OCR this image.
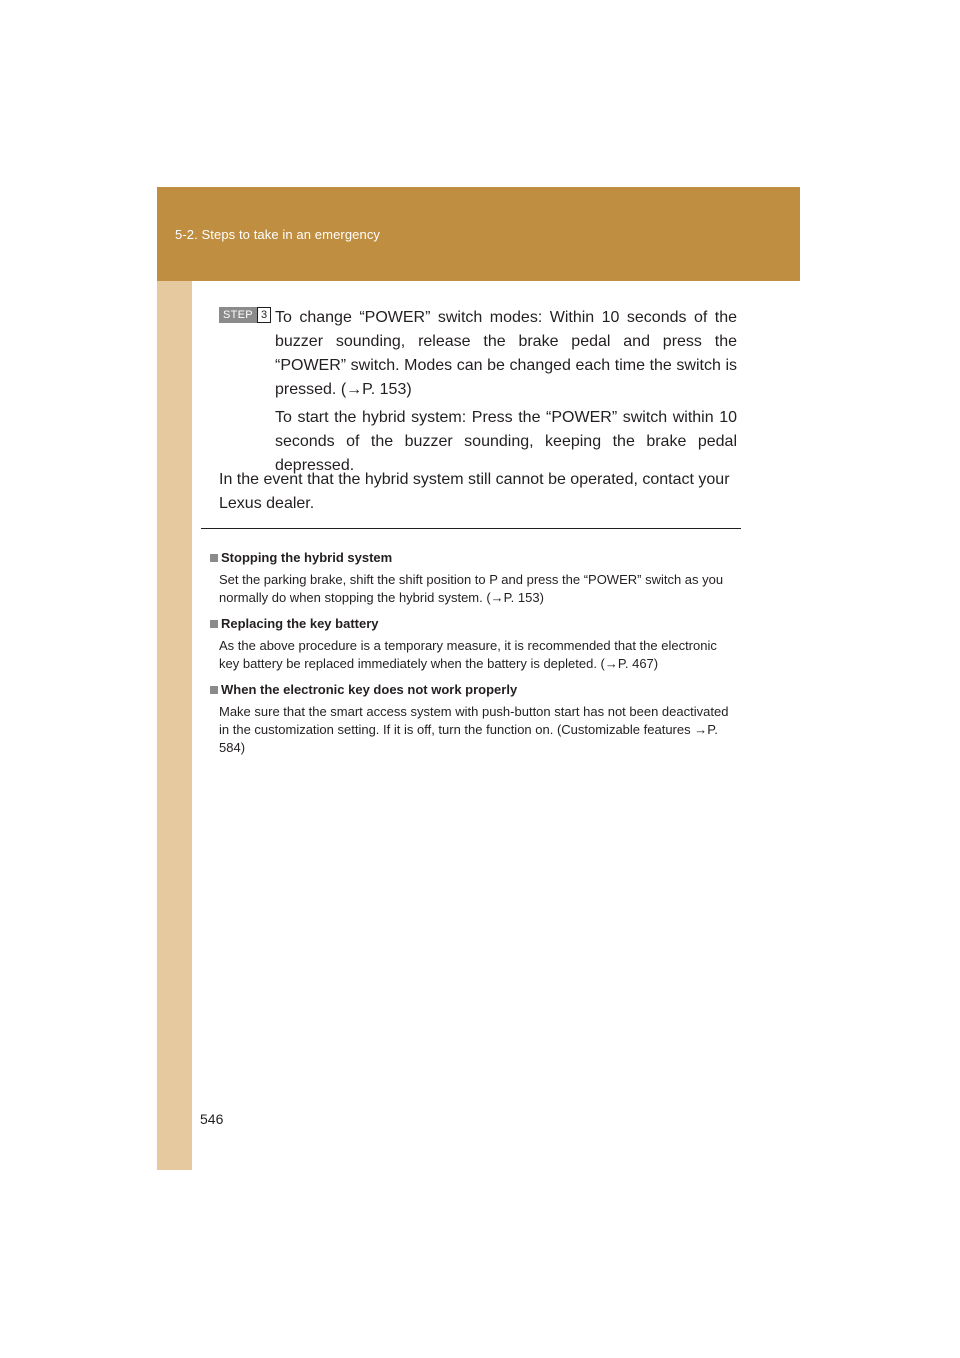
5-2. Steps to take in an emergency
STEP 3 To change “POWER” switch modes: Within 10 seconds of the buzzer sounding, release the brake pedal and press the “POWER” switch. Modes can be changed each time the switch is pressed. (→P. 153)

To start the hybrid system: Press the “POWER” switch within 10 seconds of the buzzer sounding, keeping the brake pedal depressed.

In the event that the hybrid system still cannot be operated, contact your Lexus dealer.

Stopping the hybrid system
Set the parking brake, shift the shift position to P and press the “POWER” switch as you normally do when stopping the hybrid system. (→P. 153)
Replacing the key battery
As the above procedure is a temporary measure, it is recommended that the electronic key battery be replaced immediately when the battery is depleted. (→P. 467)
When the electronic key does not work properly
Make sure that the smart access system with push-button start has not been deactivated in the customization setting. If it is off, turn the function on. (Customizable features →P. 584)
546
